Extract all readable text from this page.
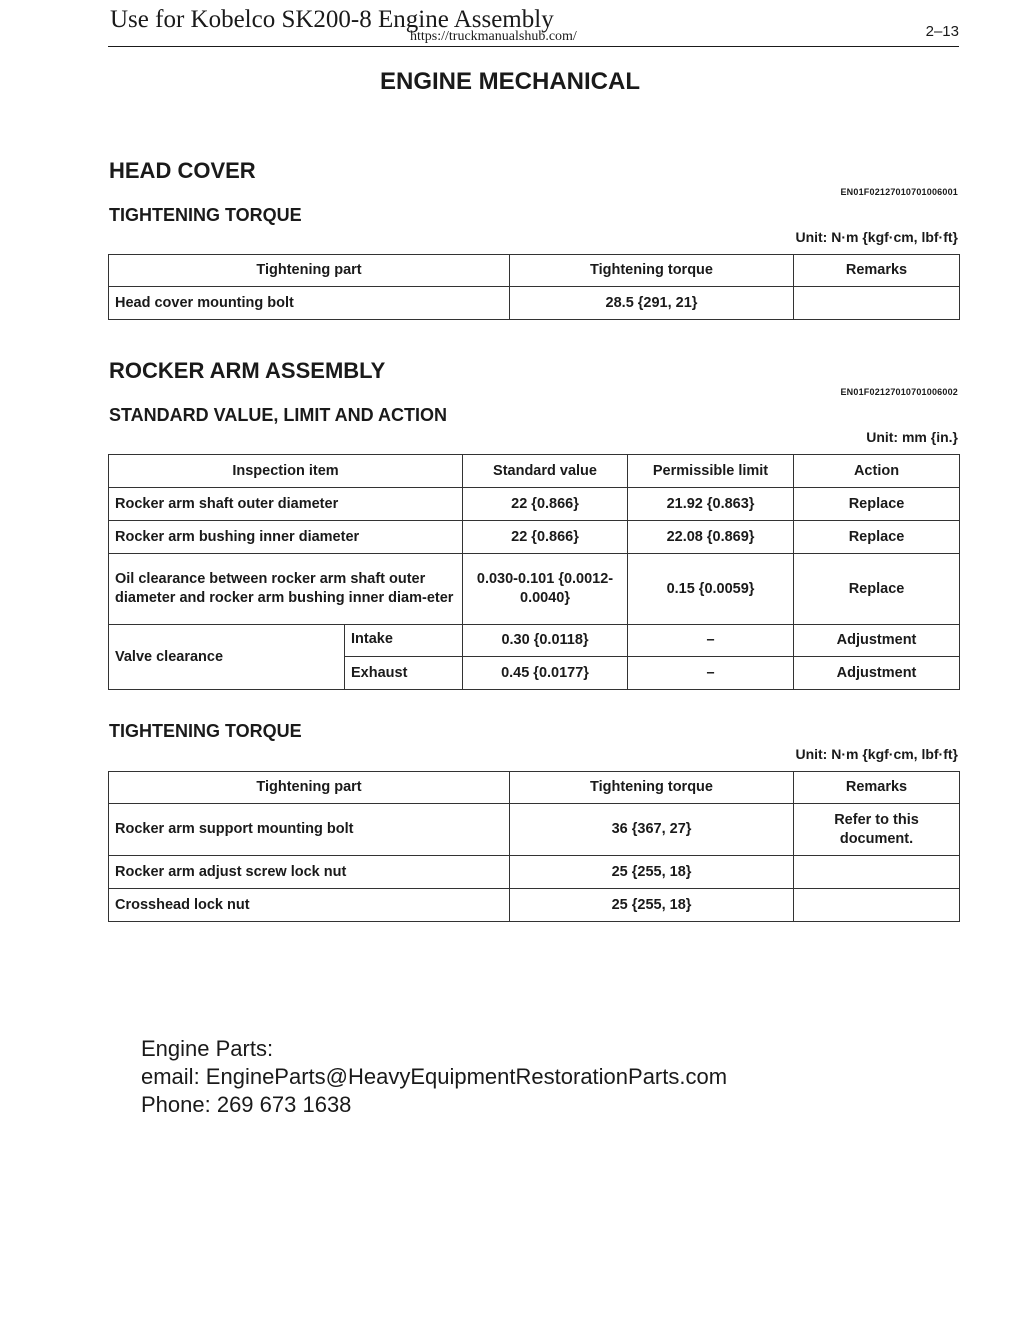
Use for Kobelco SK200-8 Engine Assembly
https://truckmanualshub.com/	2–13
ENGINE MECHANICAL
HEAD COVER
EN01F02127010701006001
TIGHTENING TORQUE
Unit: N·m {kgf·cm, lbf·ft}
Tightening part	Tightening torque	Remarks
Head cover mounting bolt	28.5 {291, 21}	
ROCKER ARM ASSEMBLY
EN01F02127010701006002
STANDARD VALUE, LIMIT AND ACTION
Unit: mm {in.}
Inspection item		Standard value	Permissible limit	Action
Rocker arm shaft outer diameter		22 {0.866}	21.92 {0.863}	Replace
Rocker arm bushing inner diameter		22 {0.866}	22.08 {0.869}	Replace
Oil clearance between rocker arm shaft outer diameter and rocker arm bushing inner diam-eter		0.030-0.101 {0.0012-0.0040}	0.15 {0.0059}	Replace
Valve clearance	Intake	0.30 {0.0118}	–	Adjustment
	Exhaust	0.45 {0.0177}	–	Adjustment
TIGHTENING TORQUE
Unit: N·m {kgf·cm, lbf·ft}
Tightening part	Tightening torque	Remarks
Rocker arm support mounting bolt	36 {367, 27}	Refer to this document.
Rocker arm adjust screw lock nut	25 {255, 18}	
Crosshead lock nut	25 {255, 18}	
Engine Parts:
email: EngineParts@HeavyEquipmentRestorationParts.com
Phone: 269 673 1638
